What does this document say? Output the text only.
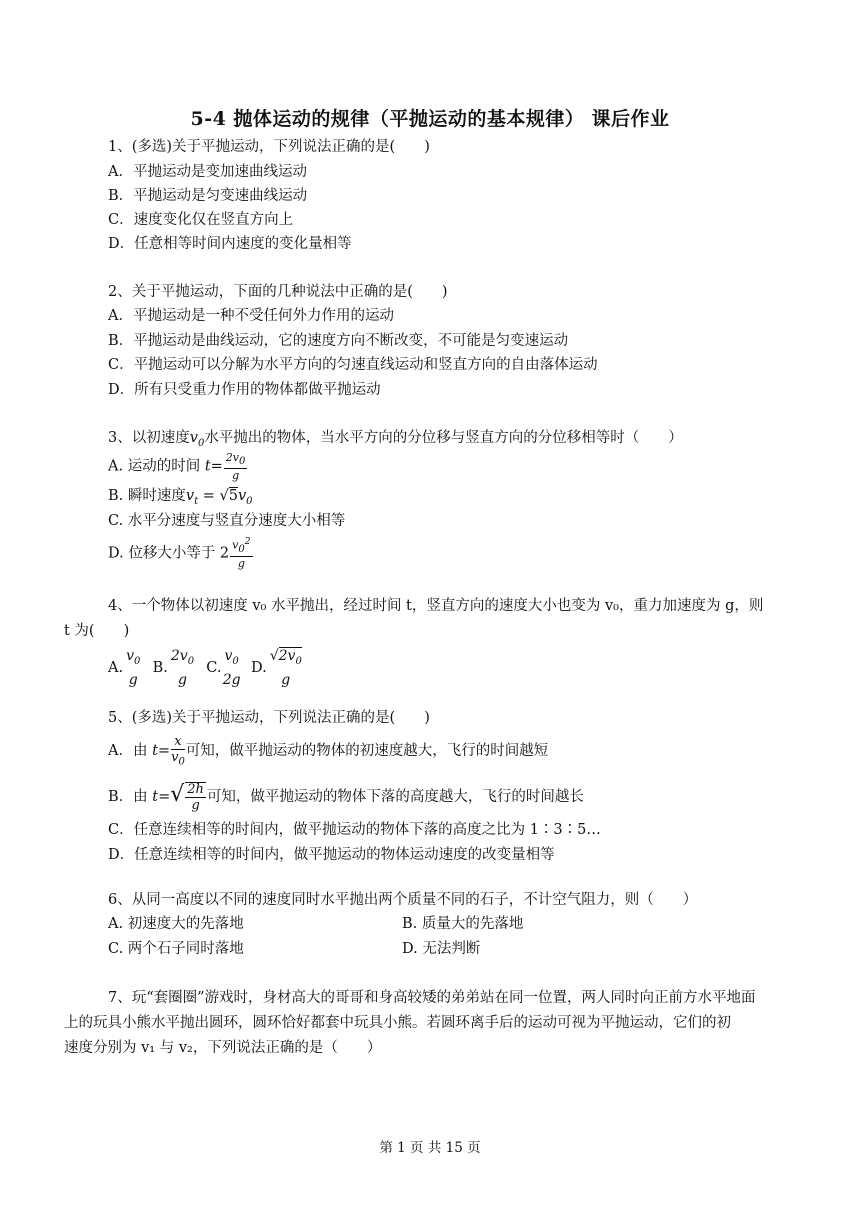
5-4 抛体运动的规律（平抛运动的基本规律） 课后作业
1、(多选)关于平抛运动，下列说法正确的是(　　)
A．平抛运动是变加速曲线运动
B．平抛运动是匀变速曲线运动
C．速度变化仅在竖直方向上
D．任意相等时间内速度的变化量相等
2、关于平抛运动，下面的几种说法中正确的是(　　)
A．平抛运动是一种不受任何外力作用的运动
B．平抛运动是曲线运动，它的速度方向不断改变，不可能是匀变速运动
C．平抛运动可以分解为水平方向的匀速直线运动和竖直方向的自由落体运动
D．所有只受重力作用的物体都做平抛运动
3、以初速度$v_0$水平抛出的物体，当水平方向的分位移与竖直方向的分位移相等时（　　）
A. 运动的时间 $t= \frac{2v_0}{g}$
B. 瞬时速度$v_t = √5v_0$
C. 水平分速度与竖直分速度大小相等
D. 位移大小等于 $2 \frac{v_0^2}{g}$
4、一个物体以初速度 v₀ 水平抛出，经过时间 t，竖直方向的速度大小也变为 v₀，重力加速度为 g，则
t 为(　　)
A.
$v_0$
g
B.
$2v_0$
g
C.
$v_0$
2g
D.
$√2v_0$
g
5、(多选)关于平抛运动，下列说法正确的是(　　)
A．由 $t= \frac{x}{v_0}$ 可知，做平抛运动的物体的初速度越大，飞行的时间越短
B．由 $t=√ \frac{2h}{g}$ 可知，做平抛运动的物体下落的高度越大，飞行的时间越长
C．任意连续相等的时间内，做平抛运动的物体下落的高度之比为 1∶3∶5…
D．任意连续相等的时间内，做平抛运动的物体运动速度的改变量相等
6、从同一高度以不同的速度同时水平抛出两个质量不同的石子，不计空气阻力，则（　　）
A. 初速度大的先落地	B. 质量大的先落地
C. 两个石子同时落地	D. 无法判断
7、玩“套圈圈”游戏时，身材高大的哥哥和身高较矮的弟弟站在同一位置，两人同时向正前方水平地面
上的玩具小熊水平抛出圆环，圆环恰好都套中玩具小熊。若圆环离手后的运动可视为平抛运动，它们的初
速度分别为 v₁ 与 v₂，下列说法正确的是（　　）
第 1 页 共 15 页
